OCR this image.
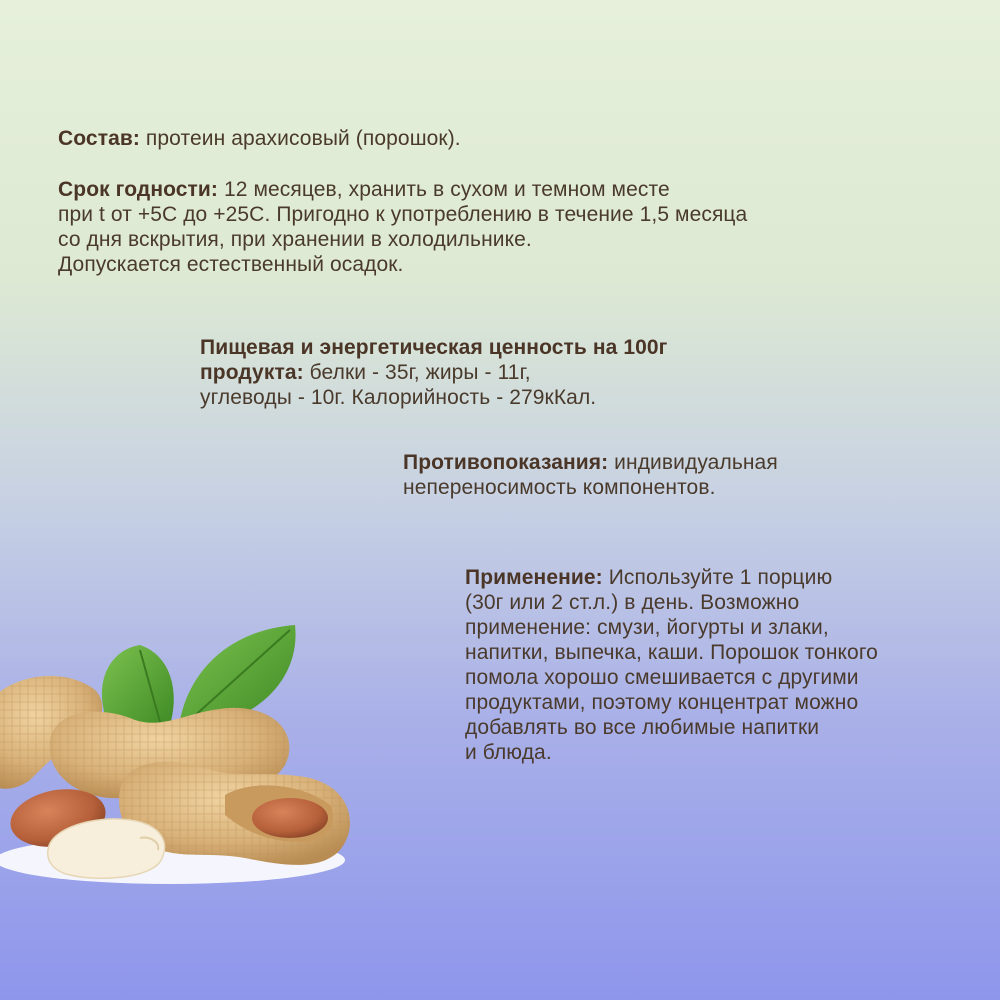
Состав: протеин арахисовый (порошок).
Срок годности: 12 месяцев, хранить в сухом и темном месте
при t от +5С до +25С. Пригодно к употреблению в течение 1,5 месяца
со дня вскрытия, при хранении в холодильнике.
Допускается естественный осадок.
Пищевая и энергетическая ценность на 100г
продукта: белки - 35г, жиры - 11г,
углеводы - 10г. Калорийность - 279кКал.
Противопоказания: индивидуальная
непереносимость компонентов.
Применение: Используйте 1 порцию
(30г или 2 ст.л.) в день. Возможно
применение: смузи, йогурты и злаки,
напитки, выпечка, каши. Порошок тонкого
помола хорошо смешивается с другими
продуктами, поэтому концентрат можно
добавлять во все любимые напитки
и блюда.
